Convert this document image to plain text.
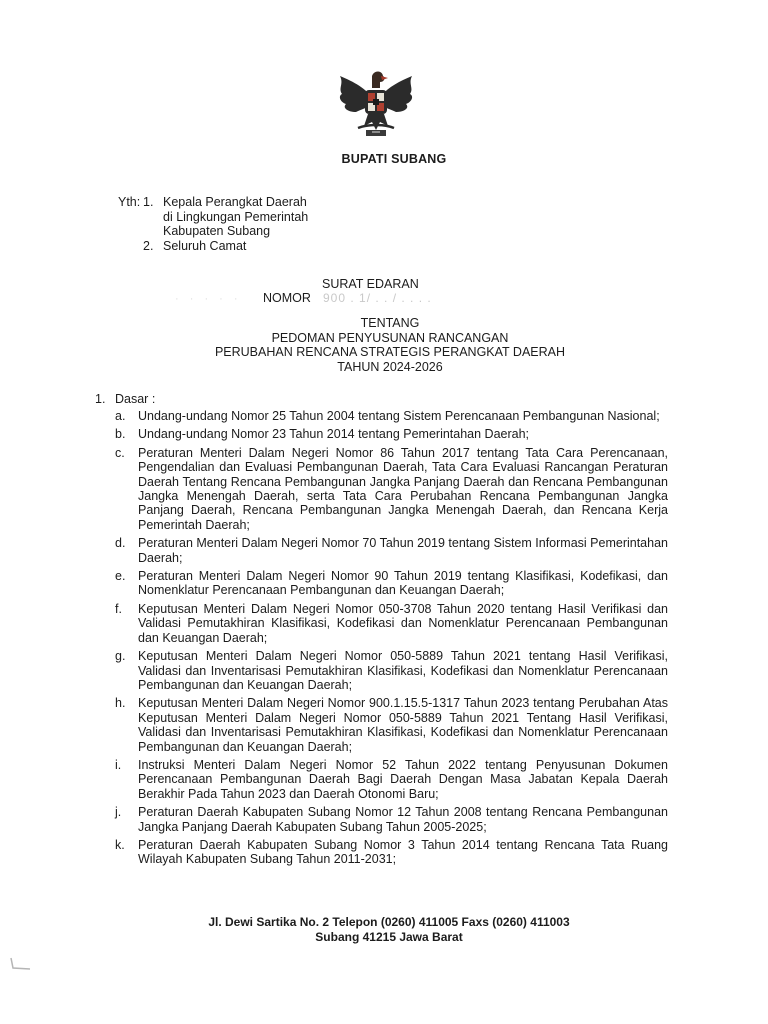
BUPATI SUBANG
Yth: 1. Kepala Perangkat Daerah
di Lingkungan Pemerintah
Kabupaten Subang
2. Seluruh Camat
SURAT EDARAN
· · · · · NOMOR 900 . 1/ . . / . . . .
TENTANG
PEDOMAN PENYUSUNAN RANCANGAN
PERUBAHAN RENCANA STRATEGIS PERANGKAT DAERAH
TAHUN 2024-2026
1. Dasar :
a.	Undang-undang Nomor 25 Tahun 2004 tentang Sistem Perencanaan Pembangunan Nasional;
b.	Undang-undang Nomor 23 Tahun 2014 tentang Pemerintahan Daerah;
c.	Peraturan Menteri Dalam Negeri Nomor 86 Tahun 2017 tentang Tata Cara Perencanaan, Pengendalian dan Evaluasi Pembangunan Daerah, Tata Cara Evaluasi Rancangan Peraturan Daerah Tentang Rencana Pembangunan Jangka Panjang Daerah dan Rencana Pembangunan Jangka Menengah Daerah, serta Tata Cara Perubahan Rencana Pembangunan Jangka Panjang Daerah, Rencana Pembangunan Jangka Menengah Daerah, dan Rencana Kerja Pemerintah Daerah;
d.	Peraturan Menteri Dalam Negeri Nomor 70 Tahun 2019 tentang Sistem Informasi Pemerintahan Daerah;
e.	Peraturan Menteri Dalam Negeri Nomor 90 Tahun 2019 tentang Klasifikasi, Kodefikasi, dan Nomenklatur Perencanaan Pembangunan dan Keuangan Daerah;
f.	Keputusan Menteri Dalam Negeri Nomor 050-3708 Tahun 2020 tentang Hasil Verifikasi dan Validasi Pemutakhiran Klasifikasi, Kodefikasi dan Nomenklatur Perencanaan Pembangunan dan Keuangan Daerah;
g.	Keputusan Menteri Dalam Negeri Nomor 050-5889 Tahun 2021 tentang Hasil Verifikasi, Validasi dan Inventarisasi Pemutakhiran Klasifikasi, Kodefikasi dan Nomenklatur Perencanaan Pembangunan dan Keuangan Daerah;
h.	Keputusan Menteri Dalam Negeri Nomor 900.1.15.5-1317 Tahun 2023 tentang Perubahan Atas Keputusan Menteri Dalam Negeri Nomor 050-5889 Tahun 2021 Tentang Hasil Verifikasi, Validasi dan Inventarisasi Pemutakhiran Klasifikasi, Kodefikasi dan Nomenklatur Perencanaan Pembangunan dan Keuangan Daerah;
i.	Instruksi Menteri Dalam Negeri Nomor 52 Tahun 2022 tentang Penyusunan Dokumen Perencanaan Pembangunan Daerah Bagi Daerah Dengan Masa Jabatan Kepala Daerah Berakhir Pada Tahun 2023 dan Daerah Otonomi Baru;
j.	Peraturan Daerah Kabupaten Subang Nomor 12 Tahun 2008 tentang Rencana Pembangunan Jangka Panjang Daerah Kabupaten Subang Tahun 2005-2025;
k.	Peraturan Daerah Kabupaten Subang Nomor 3 Tahun 2014 tentang Rencana Tata Ruang Wilayah Kabupaten Subang Tahun 2011-2031;
Jl. Dewi Sartika No. 2 Telepon (0260) 411005 Faxs (0260) 411003
Subang 41215 Jawa Barat
